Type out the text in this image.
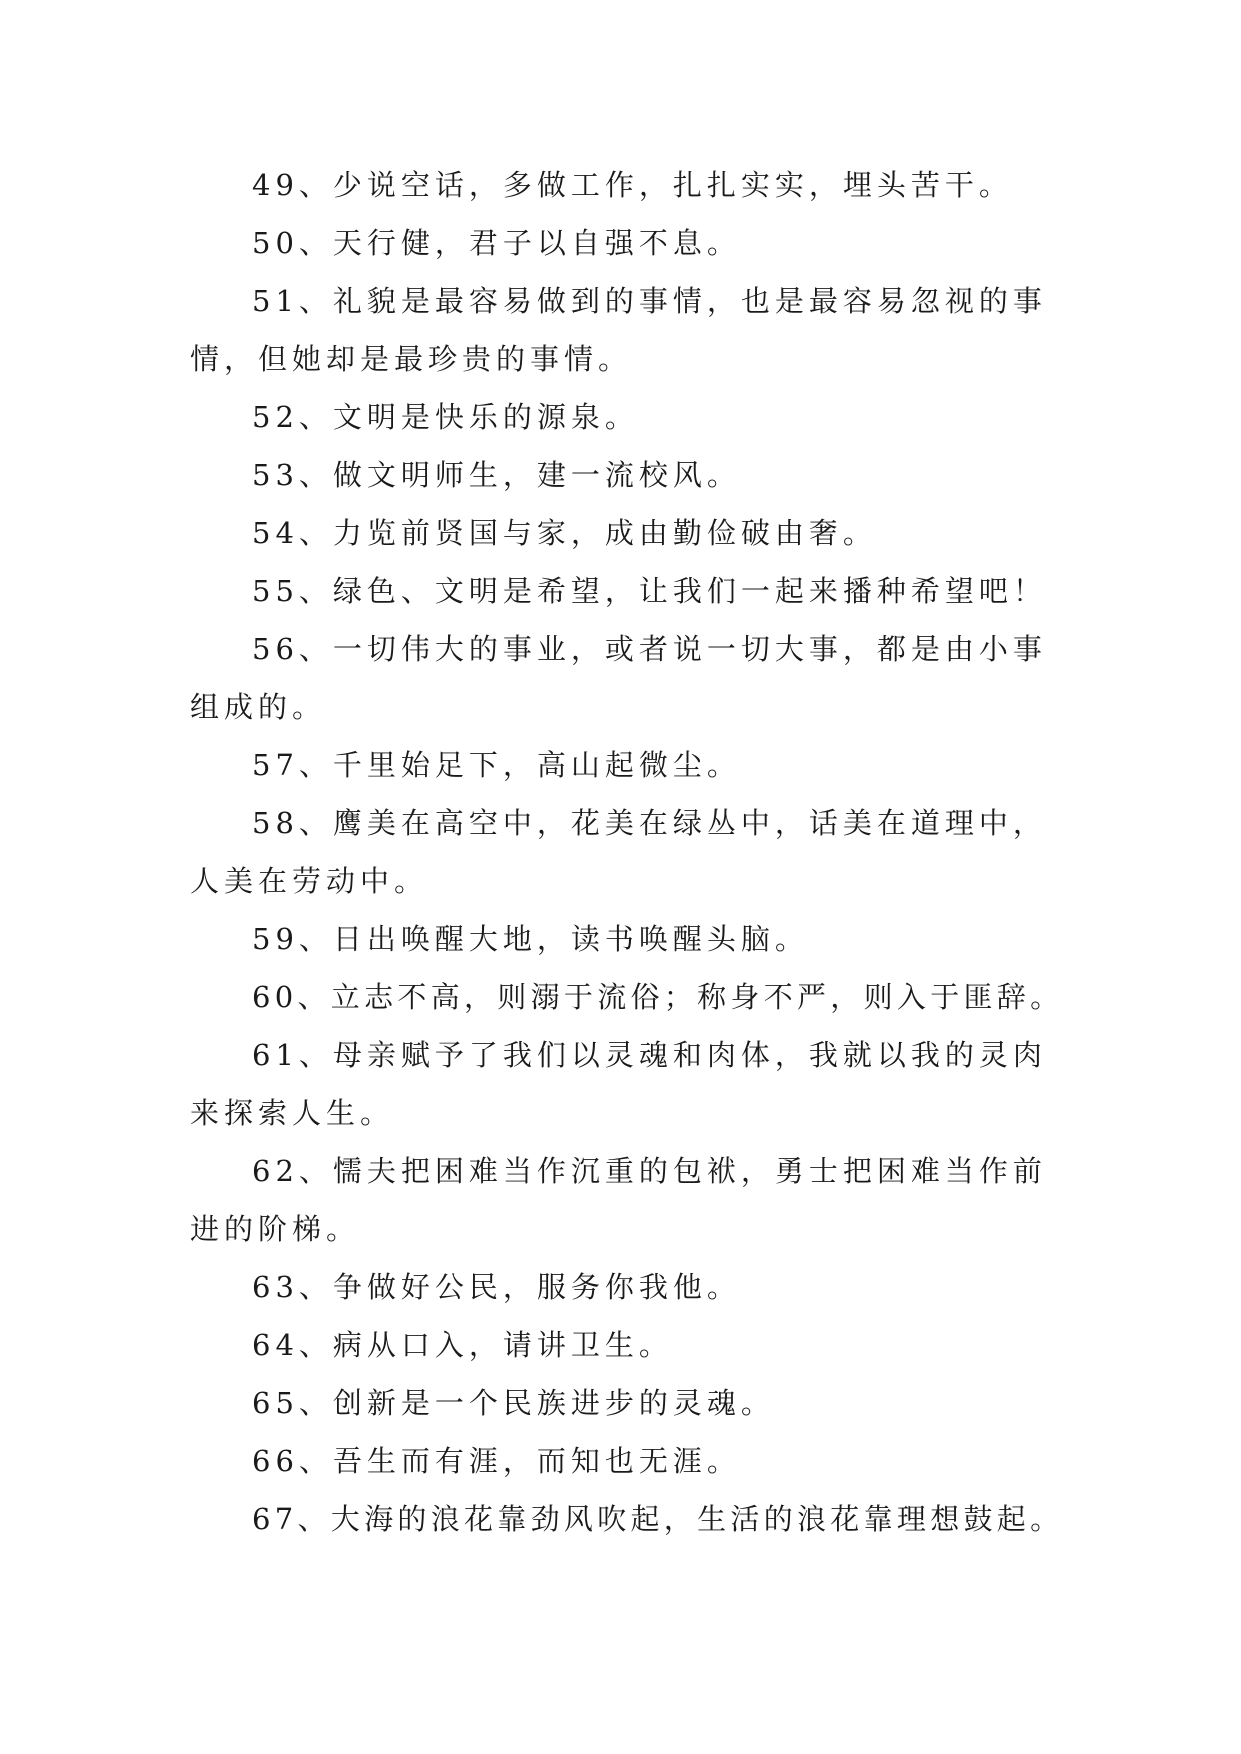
49、少说空话，多做工作，扎扎实实，埋头苦干。

50、天行健，君子以自强不息。

51、礼貌是最容易做到的事情，也是最容易忽视的事情，但她却是最珍贵的事情。

52、文明是快乐的源泉。

53、做文明师生，建一流校风。

54、力览前贤国与家，成由勤俭破由奢。

55、绿色、文明是希望，让我们一起来播种希望吧！

56、一切伟大的事业，或者说一切大事，都是由小事组成的。

57、千里始足下，高山起微尘。

58、鹰美在高空中，花美在绿丛中，话美在道理中，人美在劳动中。

59、日出唤醒大地，读书唤醒头脑。

60、立志不高，则溺于流俗；称身不严，则入于匪辞。

61、母亲赋予了我们以灵魂和肉体，我就以我的灵肉来探索人生。

62、懦夫把困难当作沉重的包袱，勇士把困难当作前进的阶梯。

63、争做好公民，服务你我他。

64、病从口入，请讲卫生。

65、创新是一个民族进步的灵魂。

66、吾生而有涯，而知也无涯。

67、大海的浪花靠劲风吹起，生活的浪花靠理想鼓起。
